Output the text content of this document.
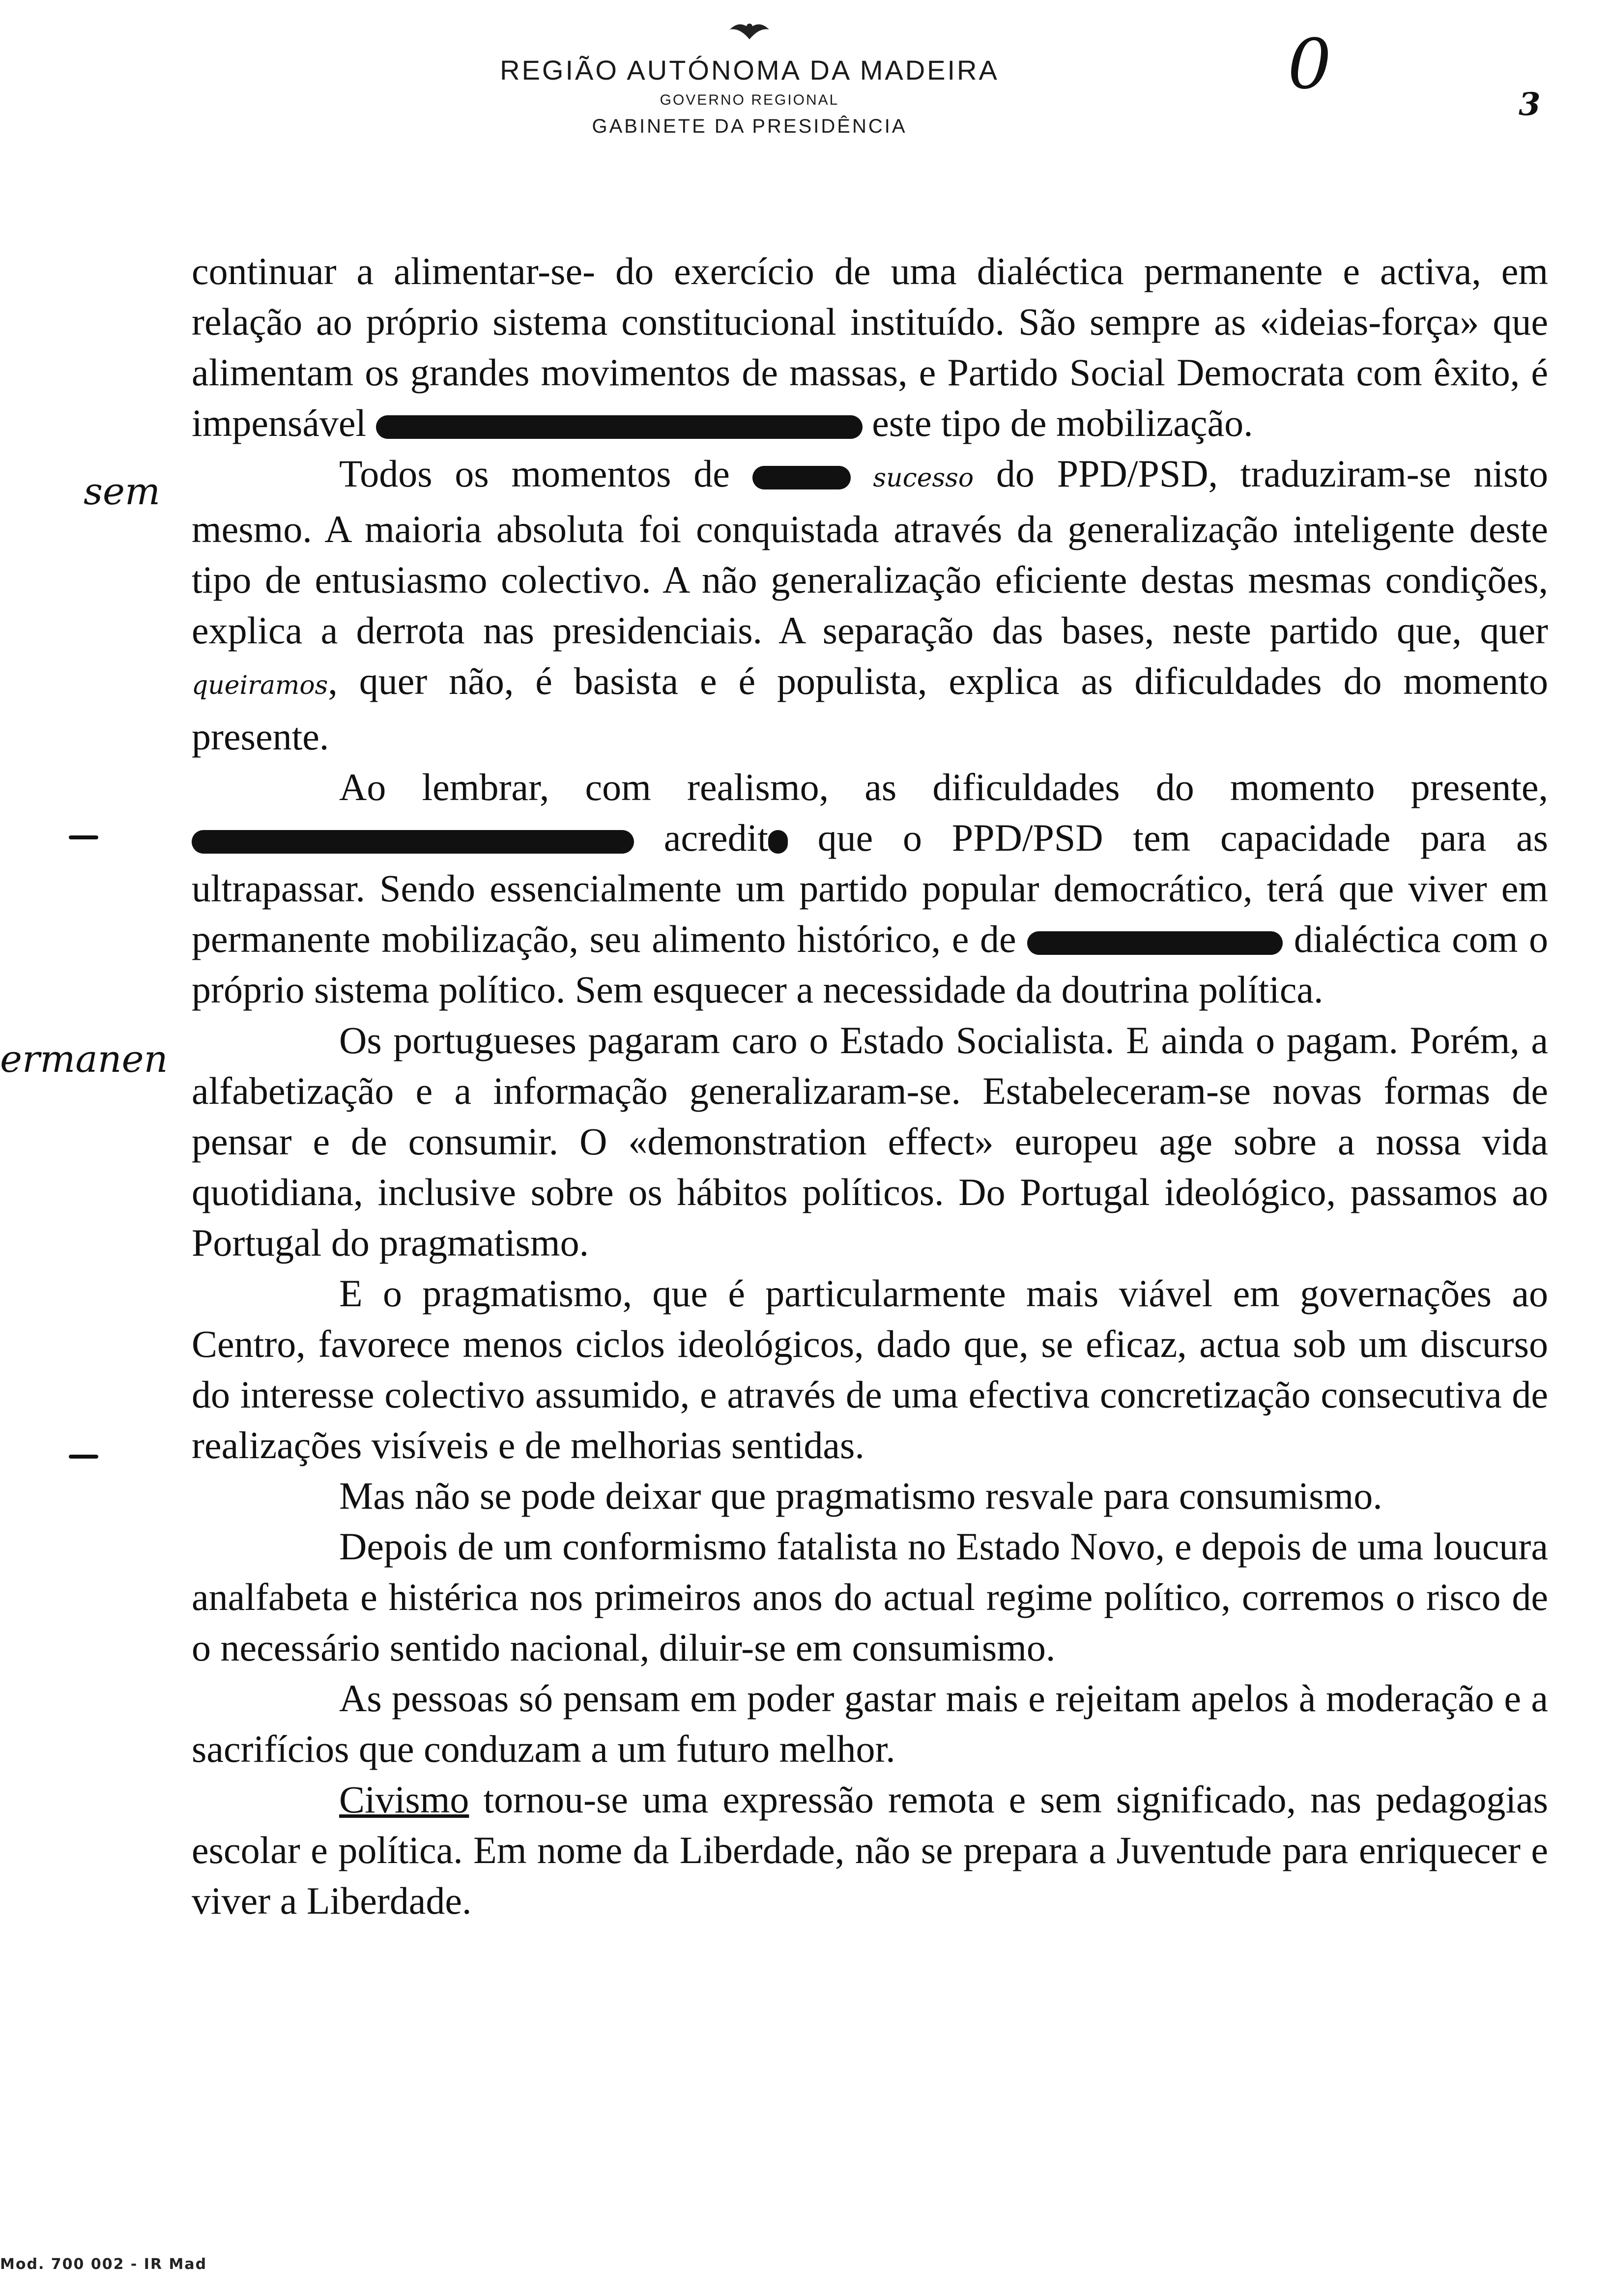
REGIÃO AUTÓNOMA DA MADEIRA
GOVERNO REGIONAL
GABINETE DA PRESIDÊNCIA
0	3
sem
ermanen

continuar a alimentar-se- do exercício de uma dialéctica permanente e activa, em relação ao próprio sistema constitucional instituído. São sempre as «ideias-força» que alimentam os grandes movimentos de massas, e Partido Social Democrata com êxito, é impensável	este tipo de mobilização.

Todos os momentos de	sucesso do PPD/PSD, traduziram-se nisto mesmo. A maioria absoluta foi conquistada através da generalização inteligente deste tipo de entusiasmo colectivo. A não generalização eficiente destas mesmas condições, explica a derrota nas presidenciais. A separação das bases, neste partido que, quer queiramos, quer não, é basista e é populista, explica as dificuldades do momento presente.

Ao lembrar, com realismo, as dificuldades do momento presente,  acredit que o PPD/PSD tem capacidade para as ultrapassar. Sendo essencialmente um partido popular democrático, terá que viver em permanente mobilização, seu alimento histórico, e de	dialéctica com o próprio sistema político. Sem esquecer a necessidade da doutrina política.

Os portugueses pagaram caro o Estado Socialista. E ainda o pagam. Porém, a alfabetização e a informação generalizaram-se. Estabeleceram-se novas formas de pensar e de consumir. O «demonstration effect» europeu age sobre a nossa vida quotidiana, inclusive sobre os hábitos políticos. Do Portugal ideológico, passamos ao Portugal do pragmatismo.

E o pragmatismo, que é particularmente mais viável em governações ao Centro, favorece menos ciclos ideológicos, dado que, se eficaz, actua sob um discurso do interesse colectivo assumido, e através de uma efectiva concretização consecutiva de realizações visíveis e de melhorias sentidas.

Mas não se pode deixar que pragmatismo resvale para consumismo.

Depois de um conformismo fatalista no Estado Novo, e depois de uma loucura analfabeta e histérica nos primeiros anos do actual regime político, corremos o risco de o necessário sentido nacional, diluir-se em consumismo.

As pessoas só pensam em poder gastar mais e rejeitam apelos à moderação e a sacrifícios que conduzam a um futuro melhor.

Civismo tornou-se uma expressão remota e sem significado, nas pedagogias escolar e política. Em nome da Liberdade, não se prepara a Juventude para enriquecer e viver a Liberdade.

Mod. 700 002 - IR Mad
